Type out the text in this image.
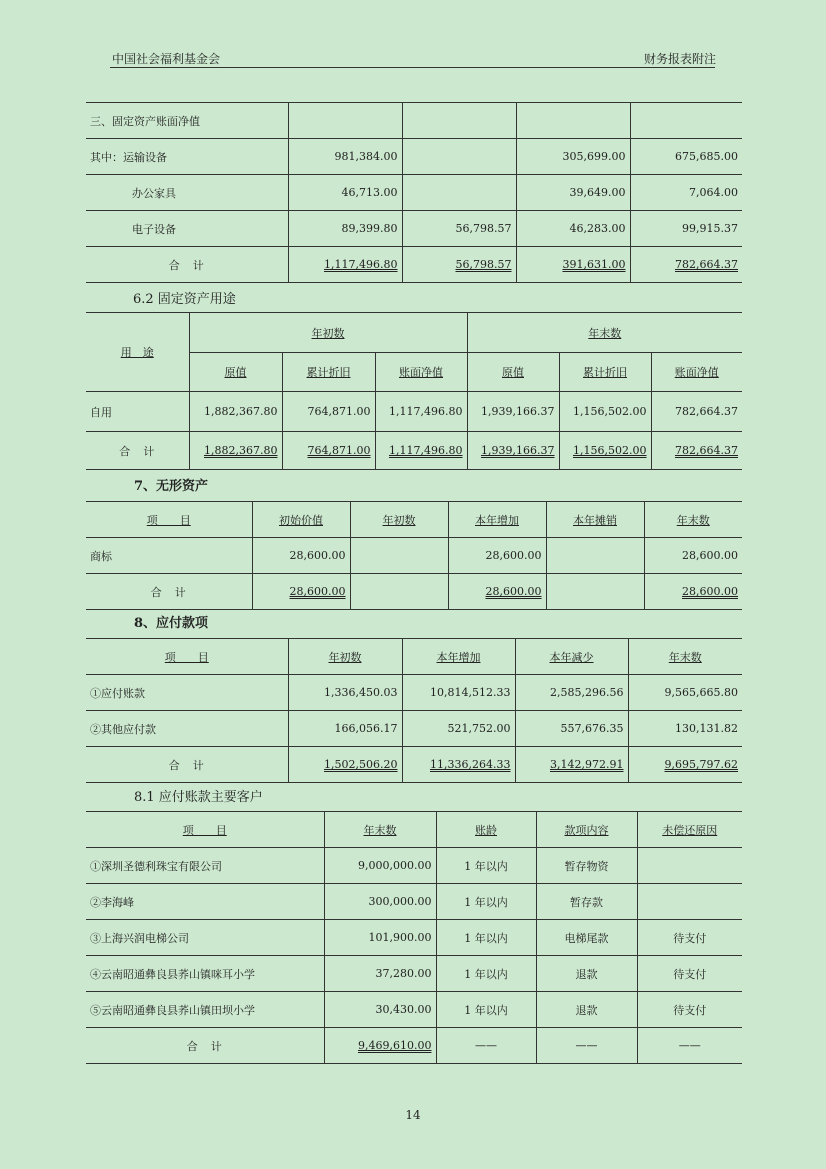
中国社会福利基金会	财务报表附注
三、固定资产账面净值				
其中：运输设备	981,384.00		305,699.00	675,685.00
办公家具	46,713.00		39,649.00	7,064.00
电子设备	89,399.80	56,798.57	46,283.00	99,915.37
合　计	1,117,496.80	56,798.57	391,631.00	782,664.37
6.2 固定资产用途
用　途	年初数			年末数		
	原值	累计折旧	账面净值	原值	累计折旧	账面净值
自用	1,882,367.80	764,871.00	1,117,496.80	1,939,166.37	1,156,502.00	782,664.37
合　计	1,882,367.80	764,871.00	1,117,496.80	1,939,166.37	1,156,502.00	782,664.37
7、无形资产
项　　目	初始价值	年初数	本年增加	本年摊销	年末数
商标	28,600.00		28,600.00		28,600.00
合　计	28,600.00		28,600.00		28,600.00
8、应付款项
项　　目	年初数	本年增加	本年减少	年末数
①应付账款	1,336,450.03	10,814,512.33	2,585,296.56	9,565,665.80
②其他应付款	166,056.17	521,752.00	557,676.35	130,131.82
合　计	1,502,506.20	11,336,264.33	3,142,972.91	9,695,797.62
8.1 应付账款主要客户
项　　目	年末数	账龄	款项内容	未偿还原因
①深圳圣德利珠宝有限公司	9,000,000.00	1 年以内	暂存物资	
②李海峰	300,000.00	1 年以内	暂存款	
③上海兴润电梯公司	101,900.00	1 年以内	电梯尾款	待支付
④云南昭通彝良县荞山镇咪耳小学	37,280.00	1 年以内	退款	待支付
⑤云南昭通彝良县荞山镇田坝小学	30,430.00	1 年以内	退款	待支付
合　计	9,469,610.00	——	——	——
14
